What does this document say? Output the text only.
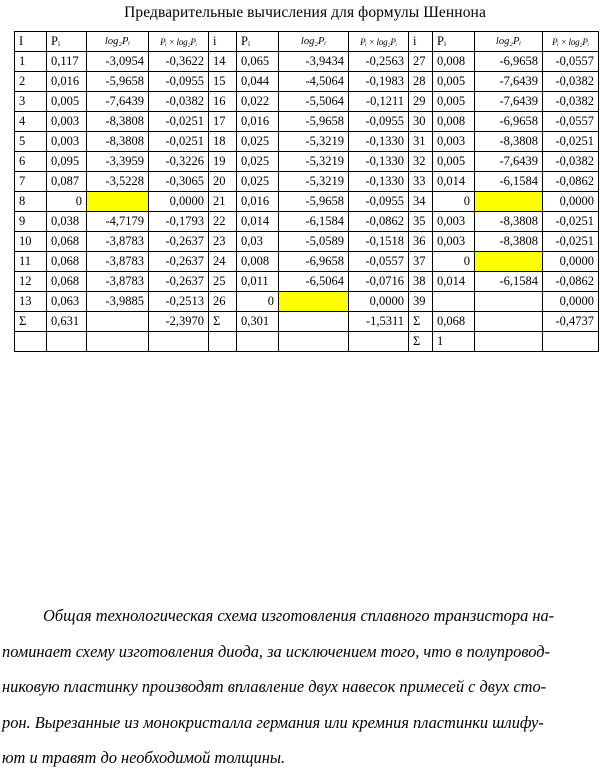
Предварительные вычисления для формулы Шеннона
I	Pᵢ	log₂Pᵢ	Pᵢ × log₂Pᵢ	i	Pᵢ	log₂Pᵢ	Pᵢ × log₂Pᵢ	i	Pᵢ	log₂Pᵢ	Pᵢ × log₂Pᵢ
1	0,117	-3,0954	-0,3622	14	0,065	-3,9434	-0,2563	27	0,008	-6,9658	-0,0557
2	0,016	-5,9658	-0,0955	15	0,044	-4,5064	-0,1983	28	0,005	-7,6439	-0,0382
3	0,005	-7,6439	-0,0382	16	0,022	-5,5064	-0,1211	29	0,005	-7,6439	-0,0382
4	0,003	-8,3808	-0,0251	17	0,016	-5,9658	-0,0955	30	0,008	-6,9658	-0,0557
5	0,003	-8,3808	-0,0251	18	0,025	-5,3219	-0,1330	31	0,003	-8,3808	-0,0251
6	0,095	-3,3959	-0,3226	19	0,025	-5,3219	-0,1330	32	0,005	-7,6439	-0,0382
7	0,087	-3,5228	-0,3065	20	0,025	-5,3219	-0,1330	33	0,014	-6,1584	-0,0862
8	0		0,0000	21	0,016	-5,9658	-0,0955	34	0		0,0000
9	0,038	-4,7179	-0,1793	22	0,014	-6,1584	-0,0862	35	0,003	-8,3808	-0,0251
10	0,068	-3,8783	-0,2637	23	0,03	-5,0589	-0,1518	36	0,003	-8,3808	-0,0251
11	0,068	-3,8783	-0,2637	24	0,008	-6,9658	-0,0557	37	0		0,0000
12	0,068	-3,8783	-0,2637	25	0,011	-6,5064	-0,0716	38	0,014	-6,1584	-0,0862
13	0,063	-3,9885	-0,2513	26	0		0,0000	39			0,0000
Σ	0,631		-2,3970	Σ	0,301		-1,5311	Σ	0,068		-0,4737
								Σ	1		
Общая технологическая схема изготовления сплавного транзистора на-
поминает схему изготовления диода, за исключением того, что в полупровод-
никовую пластинку производят вплавление двух навесок примесей с двух сто-
рон. Вырезанные из монокристалла германия или кремния пластинки шлифу-
ют и травят до необходимой толщины.
